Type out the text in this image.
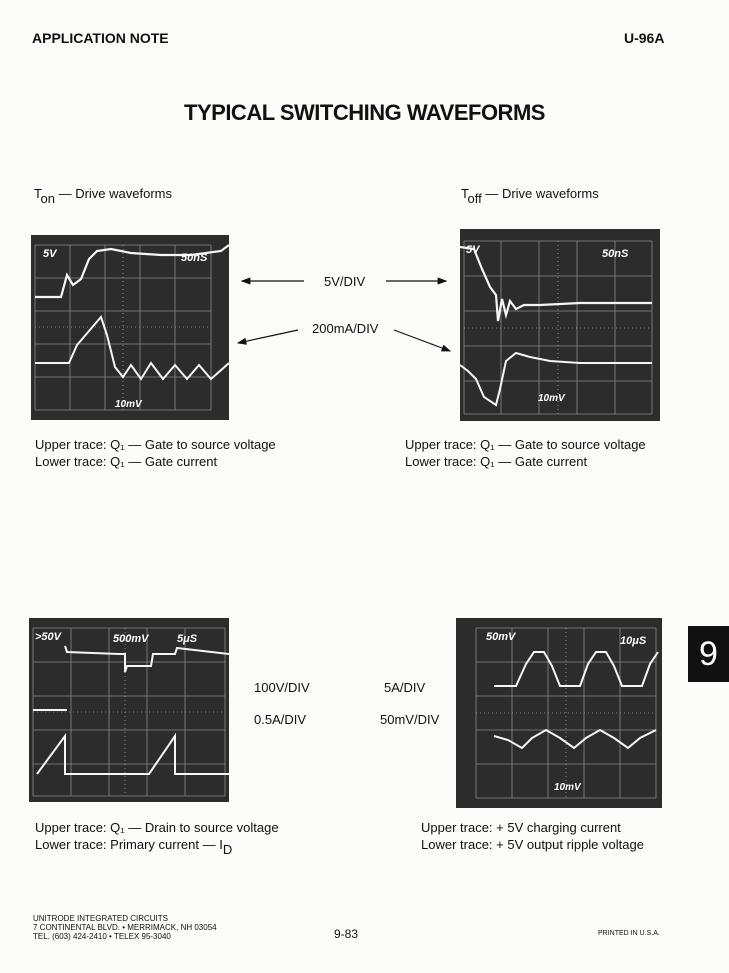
APPLICATION NOTE	U-96A
TYPICAL SWITCHING WAVEFORMS
Ton — Drive waveforms	Toff — Drive waveforms
5V	50nS
10mV
5V	50nS
10mV
5V/DIV
200mA/DIV
Upper trace: Q₁ — Gate to source voltage
Lower trace: Q₁ — Gate current
Upper trace: Q₁ — Gate to source voltage
Lower trace: Q₁ — Gate current
>50V	500mV	5μS	50mV	10μS
10mV
100V/DIV
0.5A/DIV
5A/DIV
50mV/DIV
9
Upper trace: Q₁ — Drain to source voltage
Lower trace: Primary current — ID
Upper trace: + 5V charging current
Lower trace: + 5V output ripple voltage
UNITRODE INTEGRATED CIRCUITS
7 CONTINENTAL BLVD. • MERRIMACK, NH 03054
TEL. (603) 424-2410 • TELEX 95-3040	9-83	PRINTED IN U.S.A.
